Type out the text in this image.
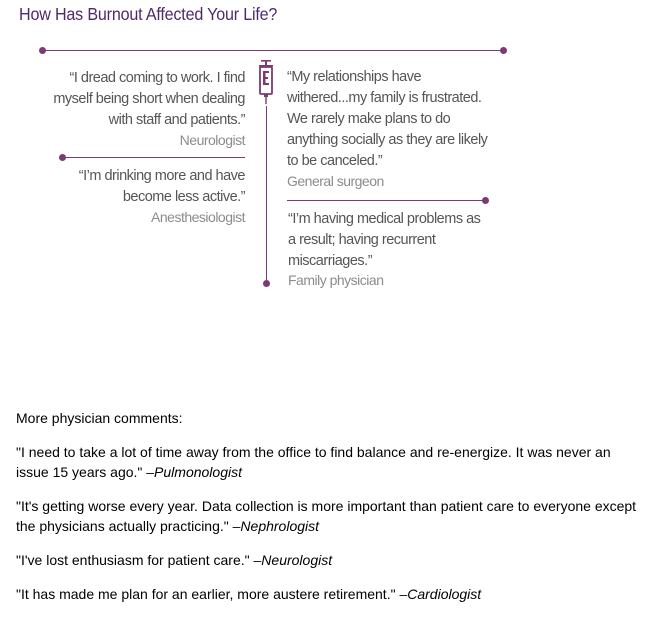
How Has Burnout Affected Your Life?
“I dread coming to work. I find myself being short when dealing with staff and patients.”
Neurologist
“I’m drinking more and have become less active.”
Anesthesiologist
“My relationships have withered...my family is frustrated. We rarely make plans to do anything socially as they are likely to be canceled.”
General surgeon
“I’m having medical problems as a result; having recurrent miscarriages.”
Family physician

More physician comments:

"I need to take a lot of time away from the office to find balance and re-energize. It was never an issue 15 years ago." –Pulmonologist

"It's getting worse every year. Data collection is more important than patient care to everyone except the physicians actually practicing." –Nephrologist

"I've lost enthusiasm for patient care." –Neurologist

"It has made me plan for an earlier, more austere retirement." –Cardiologist
